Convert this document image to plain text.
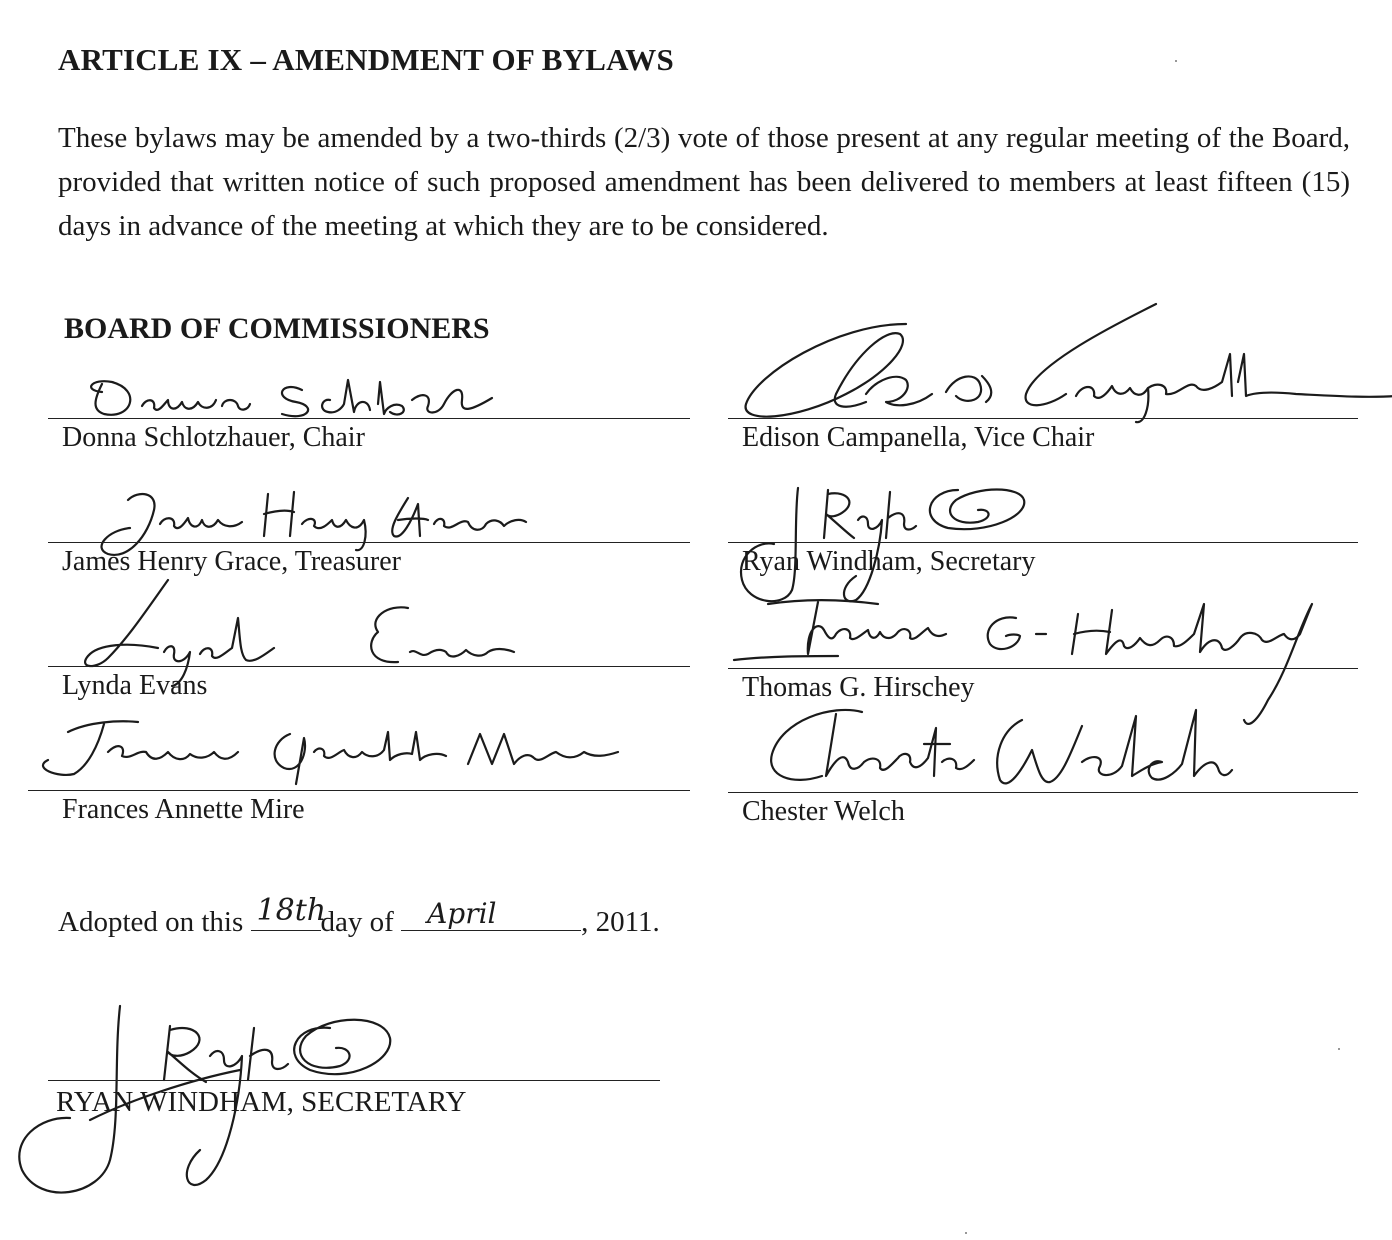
ARTICLE IX – AMENDMENT OF BYLAWS
These bylaws may be amended by a two-thirds (2/3) vote of those present at any regular meeting of the Board, provided that written notice of such proposed amendment has been delivered to members at least fifteen (15) days in advance of the meeting at which they are to be considered.
BOARD OF COMMISSIONERS
Donna Schlotzhauer, Chair
James Henry Grace, Treasurer
Lynda Evans
Frances Annette Mire
Edison Campanella, Vice Chair
Ryan Windham, Secretary
Thomas G. Hirschey
Chester Welch
Adopted on this 18th
day of April	, 2011.
RYAN WINDHAM, SECRETARY
